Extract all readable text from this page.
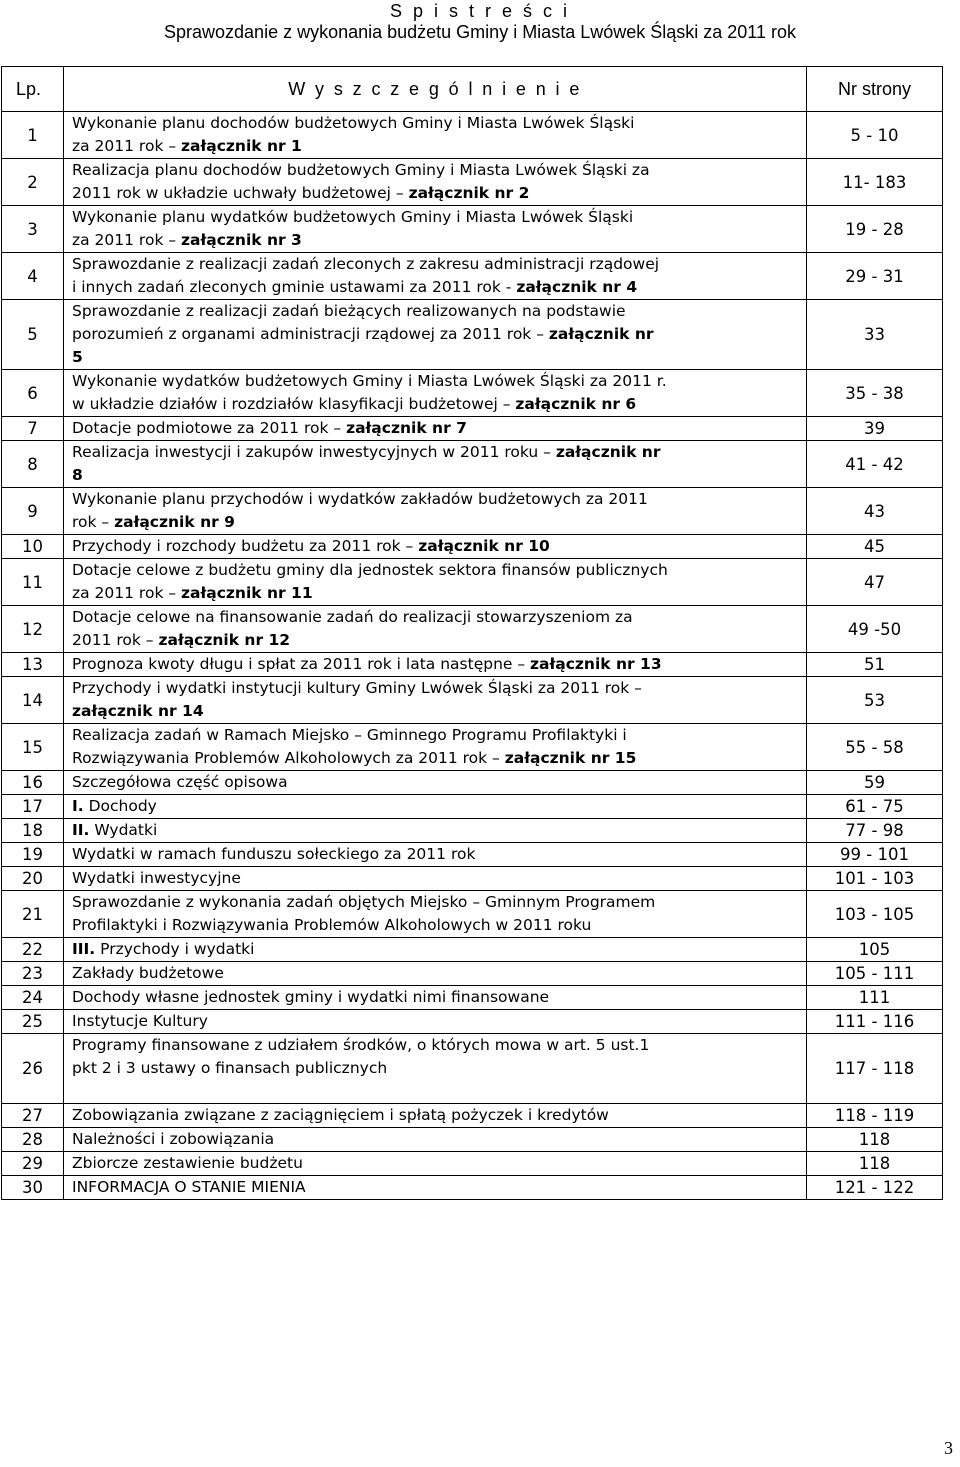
S p i s t r e ś c i
Sprawozdanie z wykonania budżetu Gminy i Miasta Lwówek Śląski za 2011 rok
Lp.	W y s z c z e g ó l n i e n i e	Nr strony
1	Wykonanie planu dochodów budżetowych Gminy i Miasta Lwówek Śląski
za 2011 rok – załącznik nr 1	5 - 10
2	Realizacja planu dochodów budżetowych Gminy i Miasta Lwówek Śląski za
2011 rok w układzie uchwały budżetowej – załącznik nr 2	11- 183
3	Wykonanie planu wydatków budżetowych Gminy i Miasta Lwówek Śląski
za 2011 rok – załącznik nr 3	19 - 28
4	Sprawozdanie z realizacji zadań zleconych z zakresu administracji rządowej
i innych zadań zleconych gminie ustawami za 2011 rok - załącznik nr 4	29 - 31
5	Sprawozdanie z realizacji zadań bieżących realizowanych na podstawie
porozumień z organami administracji rządowej za 2011 rok – załącznik nr
5	33
6	Wykonanie wydatków budżetowych Gminy i Miasta Lwówek Śląski za 2011 r.
w układzie działów i rozdziałów klasyfikacji budżetowej – załącznik nr 6	35 - 38
7	Dotacje podmiotowe za 2011 rok – załącznik nr 7	39
8	Realizacja inwestycji i zakupów inwestycyjnych w 2011 roku – załącznik nr
8	41 - 42
9	Wykonanie planu przychodów i wydatków zakładów budżetowych za 2011
rok – załącznik nr 9	43
10	Przychody i rozchody budżetu za 2011 rok – załącznik nr 10	45
11	Dotacje celowe z budżetu gminy dla jednostek sektora finansów publicznych
za 2011 rok – załącznik nr 11	47
12	Dotacje celowe na finansowanie zadań do realizacji stowarzyszeniom za
2011 rok – załącznik nr 12	49 -50
13	Prognoza kwoty długu i spłat za 2011 rok i lata następne – załącznik nr 13	51
14	Przychody i wydatki instytucji kultury Gminy Lwówek Śląski za 2011 rok –
załącznik nr 14	53
15	Realizacja zadań w Ramach Miejsko – Gminnego Programu Profilaktyki i
Rozwiązywania Problemów Alkoholowych za 2011 rok – załącznik nr 15	55 - 58
16	Szczegółowa część opisowa	59
17	I. Dochody	61 - 75
18	II. Wydatki	77 - 98
19	Wydatki w ramach funduszu sołeckiego za 2011 rok	99 - 101
20	Wydatki inwestycyjne	101 - 103
21	Sprawozdanie z wykonania zadań objętych Miejsko – Gminnym Programem
Profilaktyki i Rozwiązywania Problemów Alkoholowych w 2011 roku	103 - 105
22	III. Przychody i wydatki	105
23	Zakłady budżetowe	105 - 111
24	Dochody własne jednostek gminy i wydatki nimi finansowane	111
25	Instytucje Kultury	111 - 116
26	Programy finansowane z udziałem środków, o których mowa w art. 5 ust.1
pkt 2 i 3 ustawy o finansach publicznych	117 - 118
27	Zobowiązania związane z zaciągnięciem i spłatą pożyczek i kredytów	118 - 119
28	Należności i zobowiązania	118
29	Zbiorcze zestawienie budżetu	118
30	INFORMACJA O STANIE MIENIA	121 - 122
3
